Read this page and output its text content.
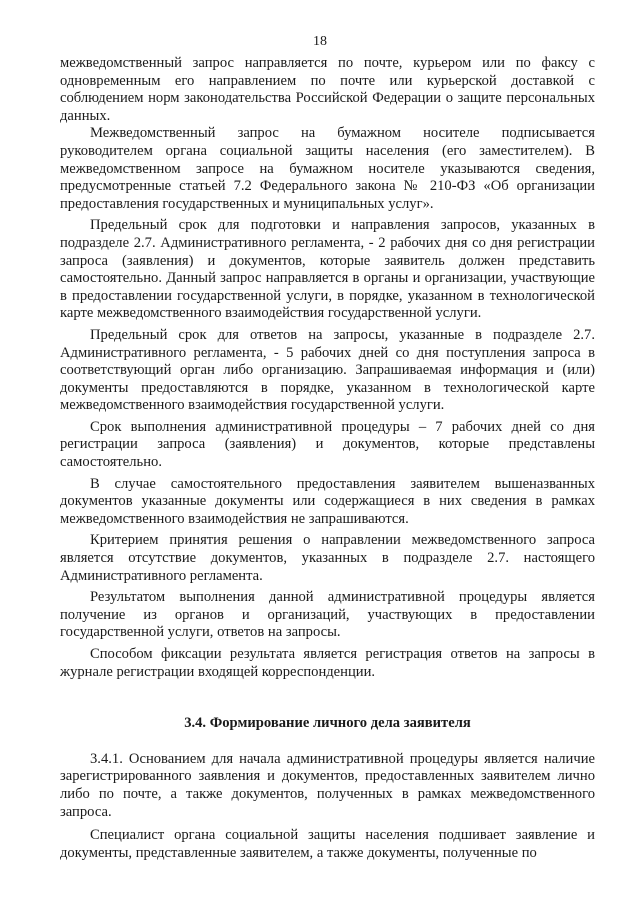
18

межведомственный запрос направляется по почте, курьером или по факсу с одновременным его направлением по почте или курьерской доставкой с соблюдением норм законодательства Российской Федерации о защите персональных данных.

Межведомственный запрос на бумажном носителе подписывается руководителем органа социальной защиты населения (его заместителем). В межведомственном запросе на бумажном носителе указываются сведения, предусмотренные статьей 7.2 Федерального закона № 210-ФЗ «Об организации предоставления государственных и муниципальных услуг».

Предельный срок для подготовки и направления запросов, указанных в подразделе 2.7. Административного регламента, - 2 рабочих дня со дня регистрации запроса (заявления) и документов, которые заявитель должен представить самостоятельно. Данный запрос направляется в органы и организации, участвующие в предоставлении государственной услуги, в порядке, указанном в технологической карте межведомственного взаимодействия государственной услуги.

Предельный срок для ответов на запросы, указанные в подразделе 2.7. Административного регламента, - 5 рабочих дней со дня поступления запроса в соответствующий орган либо организацию. Запрашиваемая информация и (или) документы предоставляются в порядке, указанном в технологической карте межведомственного взаимодействия государственной услуги.

Срок выполнения административной процедуры – 7 рабочих дней со дня регистрации запроса (заявления) и документов, которые представлены самостоятельно.

В случае самостоятельного предоставления заявителем вышеназванных документов указанные документы или содержащиеся в них сведения в рамках межведомственного взаимодействия не запрашиваются.

Критерием принятия решения о направлении межведомственного запроса является отсутствие документов, указанных в подразделе 2.7. настоящего Административного регламента.

Результатом выполнения данной административной процедуры является получение из органов и организаций, участвующих в предоставлении государственной услуги, ответов на запросы.

Способом фиксации результата является регистрация ответов на запросы в журнале регистрации входящей корреспонденции.

3.4. Формирование личного дела заявителя

3.4.1. Основанием для начала административной процедуры является наличие зарегистрированного заявления и документов, предоставленных заявителем лично либо по почте, а также документов, полученных в рамках межведомственного запроса.

Специалист органа социальной защиты населения подшивает заявление и документы, представленные заявителем, а также документы, полученные по
